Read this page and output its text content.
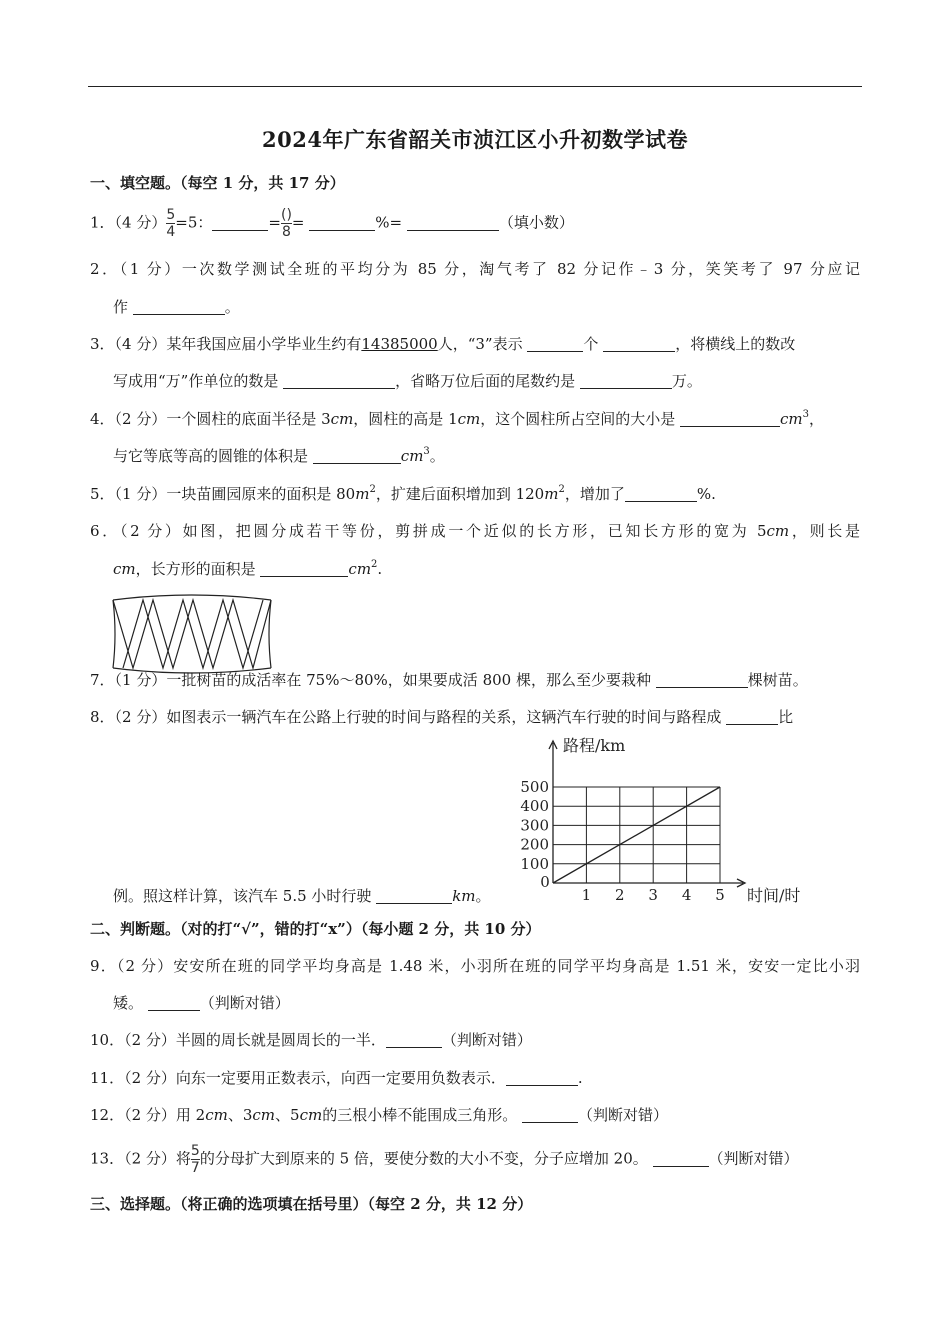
2024年广东省韶关市浈江区小升初数学试卷
一、填空题。（每空 1 分，共 17 分）
1．（4 分） $\frac{5}{4} =5$：	= $\frac{()}{8}$ =	%=	（填小数）
2．（1 分）一次数学测试全班的平均分为 85 分，淘气考了 82 分记作﹣3 分，笑笑考了 97 分应记
作	。
3．（4 分）某年我国应届小学毕业生约有14385000人，“3”表示	个	，将横线上的数改
写成用“万”作单位的数是	，省略万位后面的尾数约是	万。
4．（2 分）一个圆柱的底面半径是 3cm，圆柱的高是 1cm，这个圆柱所占空间的大小是	$cm^3$，
与它等底等高的圆锥的体积是	$cm^3$。
5．（1 分）一块苗圃园原来的面积是 $80m^2$，扩建后面积增加到 $120m^2$，增加了	%.
6．（2 分）如图，把圆分成若干等份，剪拼成一个近似的长方形，已知长方形的宽为 5cm，则长是
cm，长方形的面积是	$cm^2$.
7．（1 分）一批树苗的成活率在 75%～80%，如果要成活 800 棵，那么至少要栽种	棵树苗。
8．（2 分）如图表示一辆汽车在公路上行驶的时间与路程的关系，这辆汽车行驶的时间与路程成	比
100
200
300
400
500
0
1 2 3 4 5
路程/km
时间/时
例。照这样计算，该汽车 5.5 小时行驶	km。
二、判断题。（对的打“√”，错的打“x”）（每小题 2 分，共 10 分）
9．（2 分）安安所在班的同学平均身高是 1.48 米，小羽所在班的同学平均身高是 1.51 米，安安一定比小羽
矮。	（判断对错）
10．（2 分）半圆的周长就是圆周长的一半．	（判断对错）
11．（2 分）向东一定要用正数表示，向西一定要用负数表示．	.
12．（2 分）用 2cm、3cm、5cm的三根小棒不能围成三角形。	（判断对错）
13．（2 分）将 $\frac{5}{7}$ 的分母扩大到原来的 5 倍，要使分数的大小不变，分子应增加 20。	（判断对错）
三、选择题。（将正确的选项填在括号里）（每空 2 分，共 12 分）
